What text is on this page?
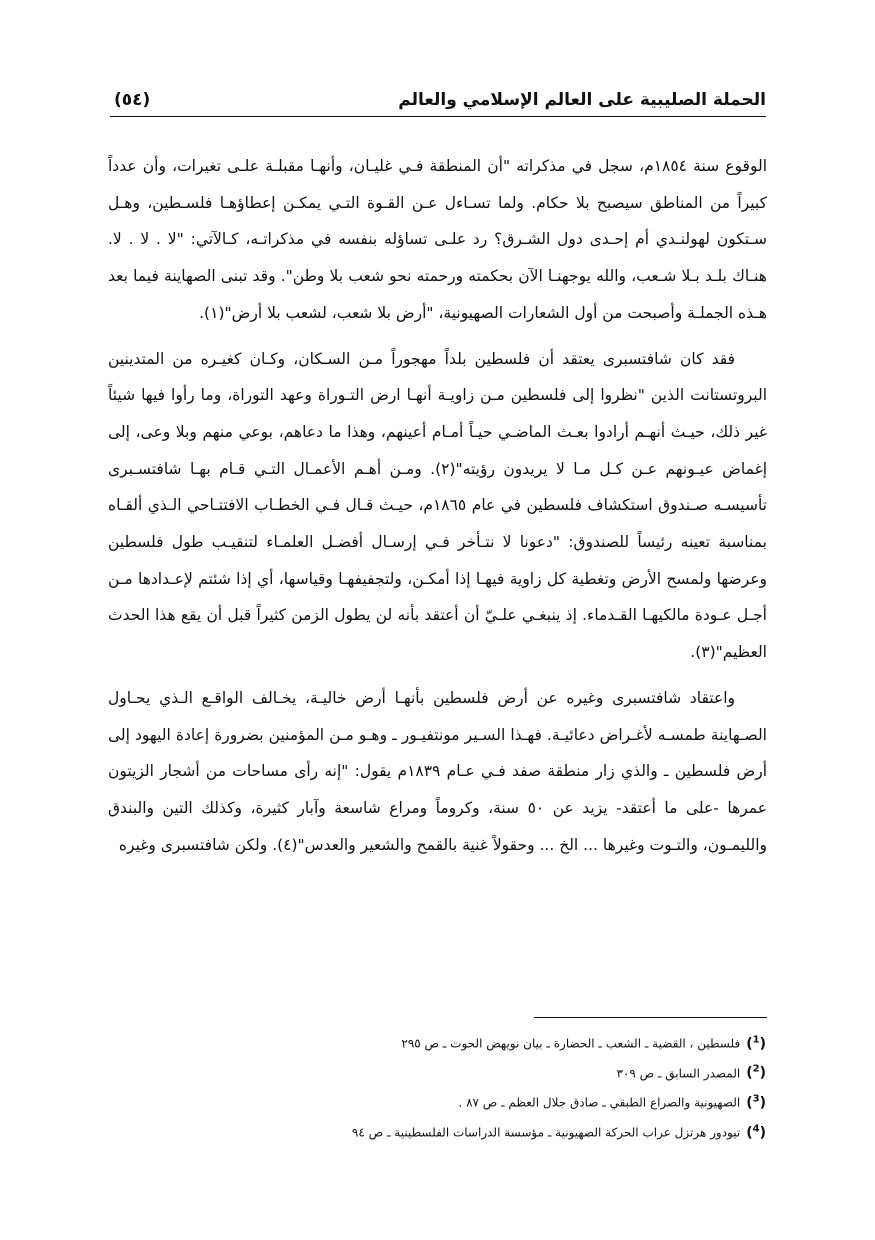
الحملة الصليبية على العالم الإسلامي والعالم
(٥٤)

الوقوع سنة ١٨٥٤م، سجل في مذكراته "أن المنطقة فـي غليـان، وأنهـا مقبلـة علـى تغيرات، وأن عدداً كبيراً من المناطق سيصبح بلا حكام. ولما تسـاءل عـن القـوة التـي يمكـن إعطاؤهـا فلسـطين، وهـل سـتكون لهولنـدي أم إحـدى دول الشـرق؟ رد علـى تساؤله بنفسه في مذكراتـه، كـالآتي: "لا . لا . لا. هنـاك بلـد بـلا شـعب، والله يوجهنـا الآن بحكمته ورحمته نحو شعب بلا وطن". وقد تبنى الصهاينة فيما بعد هـذه الجملـة وأصبحت من أول الشعارات الصهيونية، "أرض بلا شعب، لشعب بلا أرض"(١).

فقد كان شافتسبرى يعتقد أن فلسطين بلداً مهجوراً مـن السـكان، وكـان كغيـره من المتدينين البروتستانت الذين "نظروا إلى فلسطين مـن زاويـة أنهـا ارض التـوراة وعهد التوراة، وما رأوا فيها شيئاً غير ذلك، حيـث أنهـم أرادوا بعـث الماضـي حيـاً أمـام أعينهم، وهذا ما دعاهم، بوعي منهم وبلا وعى، إلى إغماض عيـونهم عـن كـل مـا لا يريدون رؤيته"(٢). ومـن أهـم الأعمـال التـي قـام بهـا شافتسـبرى تأسيسـه صـندوق استكشاف فلسطين في عام ١٨٦٥م، حيـث قـال فـي الخطـاب الافتتـاحي الـذي ألقـاه بمناسبة تعينه رئيساً للصندوق: "دعونا لا نتـأخر فـي إرسـال أفضـل العلمـاء لتنقيـب طول فلسطين وعرضها ولمسح الأرض وتغطية كل زاوية فيهـا إذا أمكـن، ولتجفيفهـا وقياسها، أي إذا شئتم لإعـدادها مـن أجـل عـودة مالكيهـا القـدماء. إذ ينبغـي علـيّ أن أعتقد بأنه لن يطول الزمن كثيراً قبل أن يقع هذا الحدث العظيم"(٣).

واعتقاد شافتسبرى وغيره عن أرض فلسطين بأنهـا أرض خاليـة، يخـالف الواقـع الـذي يحـاول الصـهاينة طمسـه لأغـراض دعائيـة. فهـذا السـير مونتفيـور ـ وهـو مـن المؤمنين بضرورة إعادة اليهود إلى أرض فلسطين ـ والذي زار منطقة صفد فـي عـام ١٨٣٩م يقول: "إنه رأى مساحات من أشجار الزيتون عمرها -على ما أعتقد- يزيد عن ٥٠ سنة، وكروماً ومراع شاسعة وآبار كثيرة، وكذلك التين والبندق والليمـون، والتـوت وغيرها ... الخ ... وحقولاً غنية بالقمح والشعير والعدس"(٤). ولكن شافتسبرى وغيره

($^1$)فلسطين ، القضية ـ الشعب ـ الحضارة ـ بيان نويهض الحوت ـ ص ٢٩٥
($^2$)المصدر السابق ـ ص ٣٠٩
($^3$)الصهيونية والصراع الطبقي ـ صادق جلال العظم ـ ص ٨٧ .
($^4$)تيودور هرتزل عراب الحركة الصهيونية ـ مؤسسة الدراسات الفلسطينية ـ ص ٩٤
